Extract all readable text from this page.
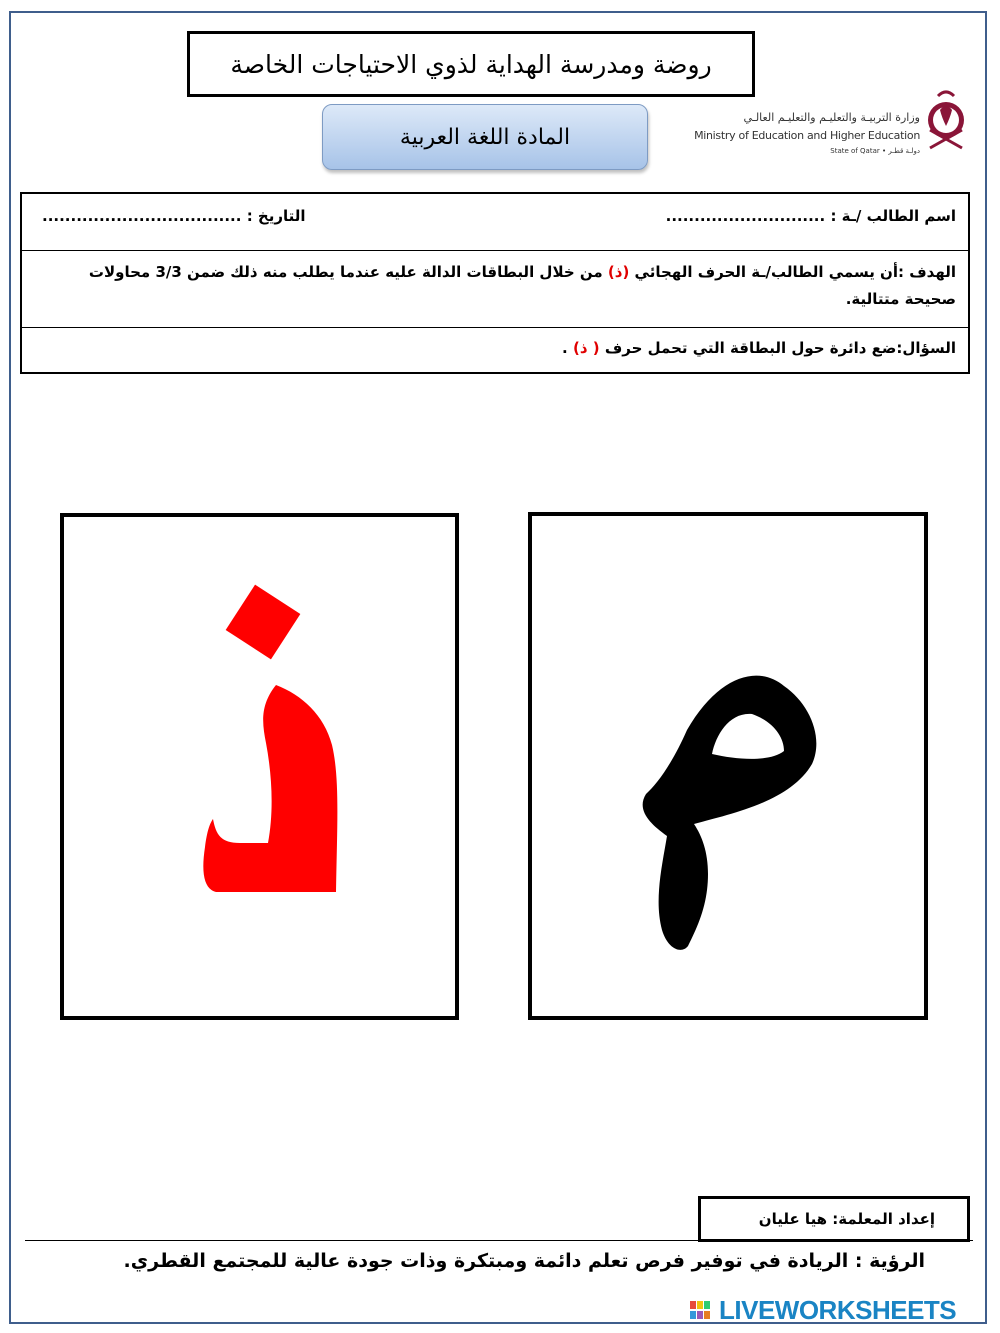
روضة ومدرسة الهداية لذوي الاحتياجات الخاصة
المادة اللغة العربية
وزارة التربيـة والتعليـم والتعليـم العالـي
Ministry of Education and Higher Education
State of Qatar • دولـة قطـر
اسم الطالب /ـة : ............................
التاريخ : ...................................
الهدف :أن يسمي الطالب/ـة الحرف الهجائي (ذ) من خلال البطاقات الدالة عليه عندما يطلب منه ذلك ضمن 3/3 محاولات صحيحة متتالية.
السؤال:ضع دائرة حول البطاقة التي تحمل حرف ( ذ) .
إعداد المعلمة: هيا عليان
الرؤية : الريادة في توفير فرص تعلم دائمة ومبتكرة وذات جودة عالية للمجتمع القطري.
LIVEWORKSHEETS
